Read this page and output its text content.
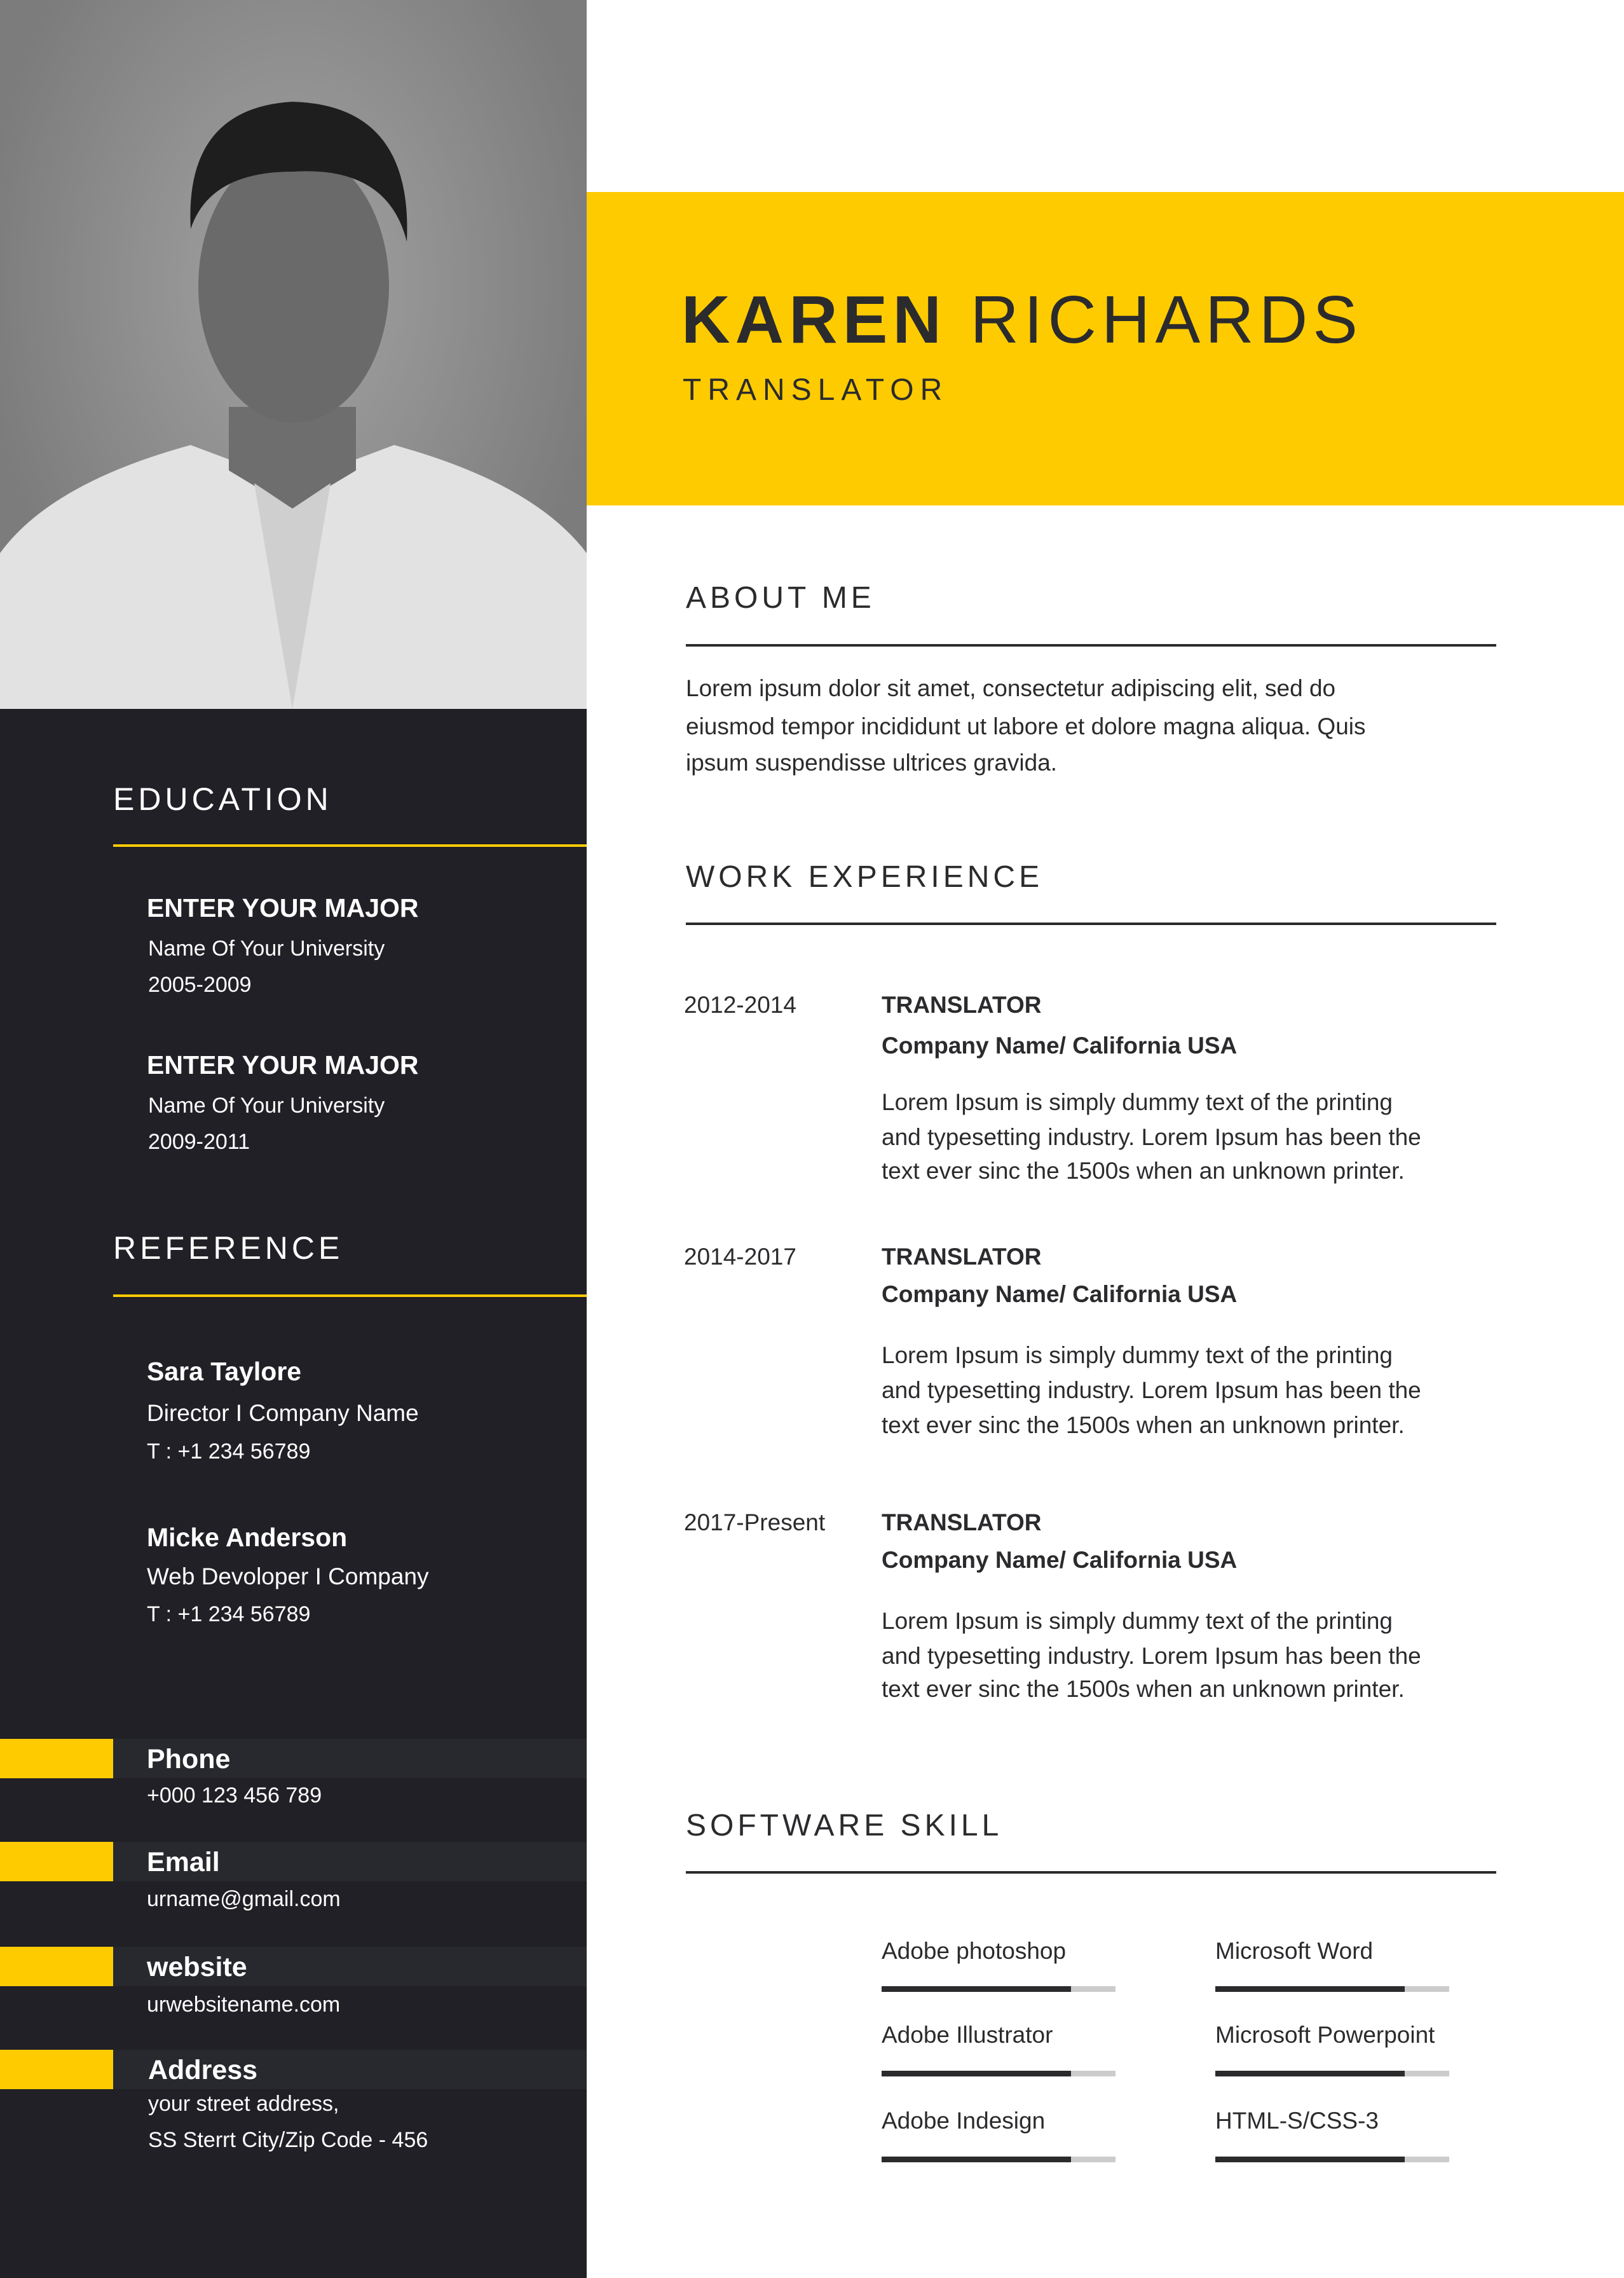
EDUCATION
ENTER YOUR MAJOR
Name Of Your University
2005-2009
ENTER YOUR MAJOR
Name Of Your University
2009-2011
REFERENCE
Sara Taylore
Director I Company Name
T : +1 234 56789
Micke Anderson
Web Devoloper I Company
T : +1 234 56789
Phone
+000 123 456 789
Email
urname@gmail.com
website
urwebsitename.com
Address
your street address,
SS Sterrt City/Zip Code - 456
KAREN RICHARDS
TRANSLATOR
ABOUT ME
Lorem ipsum dolor sit amet, consectetur adipiscing elit, sed do
eiusmod tempor incididunt ut labore et dolore magna aliqua. Quis
ipsum suspendisse ultrices gravida.
WORK EXPERIENCE
2012-2014	TRANSLATOR
Company Name/ California USA
Lorem Ipsum is simply dummy text of the printing
and typesetting industry. Lorem Ipsum has been the
text ever sinc the 1500s when an unknown printer.
2014-2017	TRANSLATOR
Company Name/ California USA
Lorem Ipsum is simply dummy text of the printing
and typesetting industry. Lorem Ipsum has been the
text ever sinc the 1500s when an unknown printer.
2017-Present TRANSLATOR
Company Name/ California USA
Lorem Ipsum is simply dummy text of the printing
and typesetting industry. Lorem Ipsum has been the
text ever sinc the 1500s when an unknown printer.
SOFTWARE SKILL
Adobe photoshop	Microsoft Word
Adobe Illustrator	Microsoft Powerpoint
Adobe Indesign	HTML-S/CSS-3
